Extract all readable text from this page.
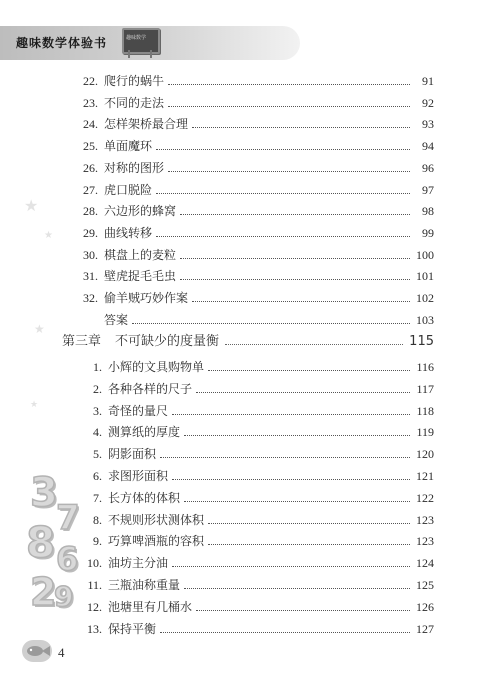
趣味数学体验书	趣味数学
★
★
★
★
3
8 7
6
2
9
22. 爬行的蜗牛	91
23. 不同的走法	92
24. 怎样架桥最合理	93
25. 单面魔环	94
26. 对称的图形	96
27. 虎口脱险	97
28. 六边形的蜂窝	98
29. 曲线转移	99
30. 棋盘上的麦粒	100
31. 壁虎捉毛毛虫	101
32. 偷羊贼巧妙作案	102
答案	103
第三章	不可缺少的度量衡	115
1. 小辉的文具购物单	116
2. 各种各样的尺子	117
3. 奇怪的量尺	118
4. 测算纸的厚度	119
5. 阴影面积	120
6. 求图形面积	121
7. 长方体的体积	122
8. 不规则形状测体积	123
9. 巧算啤酒瓶的容积	123
10. 油坊主分油	124
11. 三瓶油称重量	125
12. 池塘里有几桶水	126
13. 保持平衡	127
4
